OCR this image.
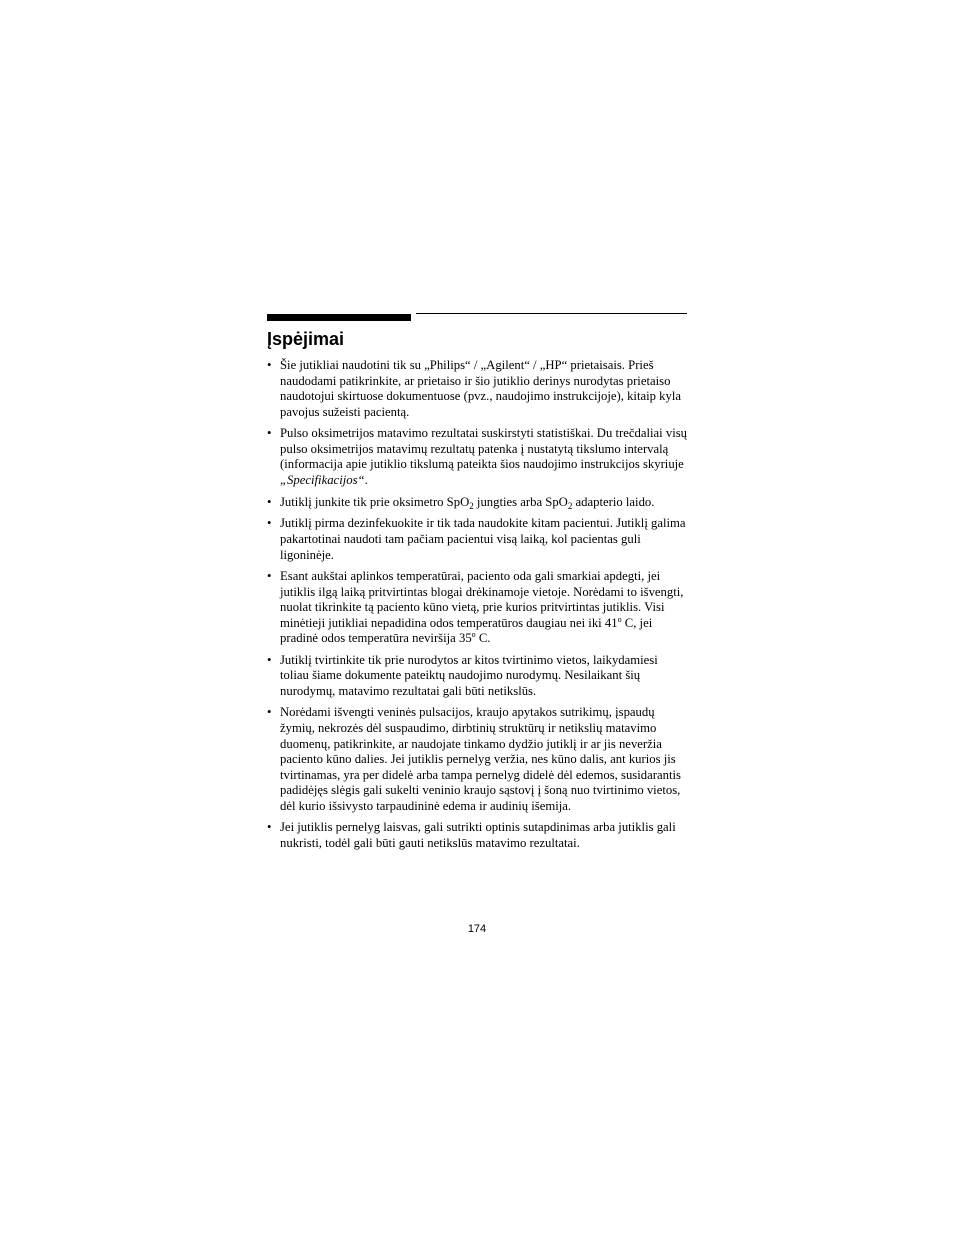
Įspėjimai
• Šie jutikliai naudotini tik su „Philips“ / „Agilent“ / „HP“ prietaisais. Prieš naudodami patikrinkite, ar prietaiso ir šio jutiklio derinys nurodytas prietaiso naudotojui skirtuose dokumentuose (pvz., naudojimo instrukcijoje), kitaip kyla pavojus sužeisti pacientą.
• Pulso oksimetrijos matavimo rezultatai suskirstyti statistiškai. Du trečdaliai visų pulso oksimetrijos matavimų rezultatų patenka į nustatytą tikslumo intervalą (informacija apie jutiklio tikslumą pateikta šios naudojimo instrukcijos skyriuje „Specifikacijos“.
• Jutiklį junkite tik prie oksimetro SpO$_2$ jungties arba SpO$_2$ adapterio laido.
• Jutiklį pirma dezinfekuokite ir tik tada naudokite kitam pacientui. Jutiklį galima pakartotinai naudoti tam pačiam pacientui visą laiką, kol pacientas guli ligoninėje.
• Esant aukštai aplinkos temperatūrai, paciento oda gali smarkiai apdegti, jei jutiklis ilgą laiką pritvirtintas blogai drėkinamoje vietoje. Norėdami to išvengti, nuolat tikrinkite tą paciento kūno vietą, prie kurios pritvirtintas jutiklis. Visi minėtieji jutikliai nepadidina odos temperatūros daugiau nei iki 41$^o$ C, jei pradinė odos temperatūra neviršija 35$^o$ C.
• Jutiklį tvirtinkite tik prie nurodytos ar kitos tvirtinimo vietos, laikydamiesi toliau šiame dokumente pateiktų naudojimo nurodymų. Nesilaikant šių nurodymų, matavimo rezultatai gali būti netikslūs.
• Norėdami išvengti veninės pulsacijos, kraujo apytakos sutrikimų, įspaudų žymių, nekrozės dėl suspaudimo, dirbtinių struktūrų ir netikslių matavimo duomenų, patikrinkite, ar naudojate tinkamo dydžio jutiklį ir ar jis neveržia paciento kūno dalies. Jei jutiklis pernelyg veržia, nes kūno dalis, ant kurios jis tvirtinamas, yra per didelė arba tampa pernelyg didelė dėl edemos, susidarantis padidėjęs slėgis gali sukelti veninio kraujo sąstovį į šoną nuo tvirtinimo vietos, dėl kurio išsivysto tarpaudininė edema ir audinių išemija.
• Jei jutiklis pernelyg laisvas, gali sutrikti optinis sutapdinimas arba jutiklis gali nukristi, todėl gali būti gauti netikslūs matavimo rezultatai.
174
